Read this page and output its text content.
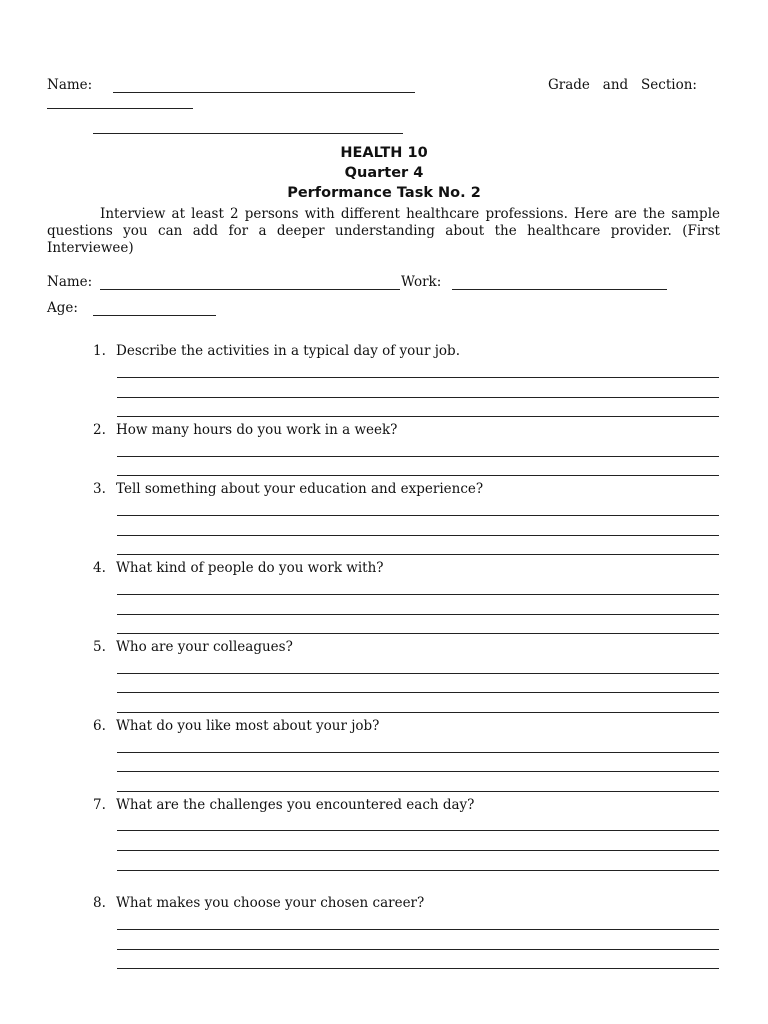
Name:	Grade   and   Section:
HEALTH 10
Quarter 4
Performance Task No. 2
Interview at least 2 persons with different healthcare professions. Here are the sample questions you can add for a deeper understanding about the healthcare provider. (First Interviewee)
Name:	Work:
Age:
1. Describe the activities in a typical day of your job.
2. How many hours do you work in a week?
3. Tell something about your education and experience?
4. What kind of people do you work with?
5. Who are your colleagues?
6. What do you like most about your job?
7. What are the challenges you encountered each day?
8. What makes you choose your chosen career?
